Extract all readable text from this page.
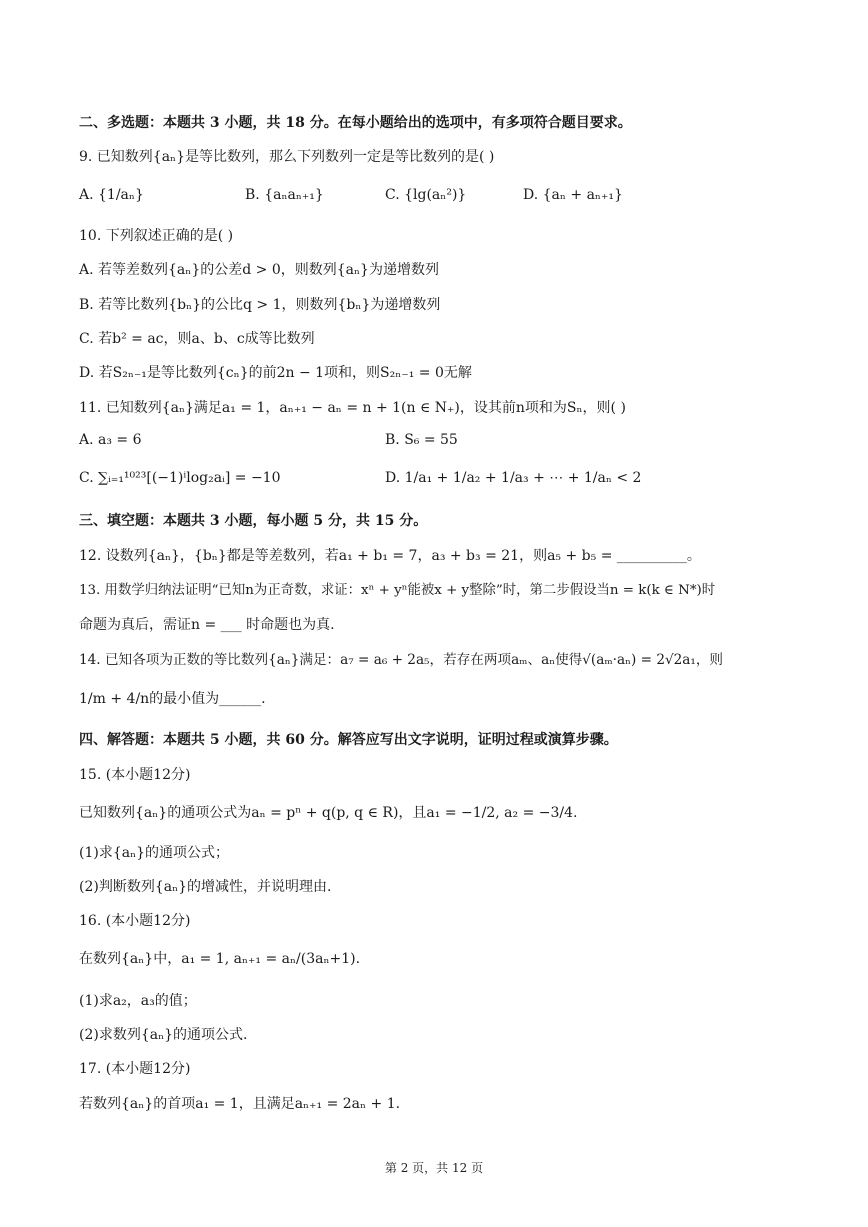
二、多选题：本题共 3 小题，共 18 分。在每小题给出的选项中，有多项符合题目要求。
9. 已知数列{aₙ}是等比数列，那么下列数列一定是等比数列的是( )
A. {1/aₙ}	B. {aₙaₙ₊₁}	C. {lg(aₙ²)}	D. {aₙ + aₙ₊₁}
10. 下列叙述正确的是( )
A. 若等差数列{aₙ}的公差d > 0，则数列{aₙ}为递增数列
B. 若等比数列{bₙ}的公比q > 1，则数列{bₙ}为递增数列
C. 若b² = ac，则a、b、c成等比数列
D. 若S₂ₙ₋₁是等比数列{cₙ}的前2n − 1项和，则S₂ₙ₋₁ = 0无解
11. 已知数列{aₙ}满足a₁ = 1，aₙ₊₁ − aₙ = n + 1(n ∈ N₊)，设其前n项和为Sₙ，则( )
A. a₃ = 6	B. S₆ = 55
C. ∑ᵢ₌₁¹⁰²³[(−1)ⁱlog₂aᵢ] = −10	D. 1/a₁ + 1/a₂ + 1/a₃ + ⋯ + 1/aₙ < 2
三、填空题：本题共 3 小题，每小题 5 分，共 15 分。
12. 设数列{aₙ}，{bₙ}都是等差数列，若a₁ + b₁ = 7，a₃ + b₃ = 21，则a₅ + b₅ = __________。
13. 用数学归纳法证明“已知n为正奇数，求证：xⁿ + yⁿ能被x + y整除”时，第二步假设当n = k(k ∈ N*)时
命题为真后，需证n = ___ 时命题也为真.
14. 已知各项为正数的等比数列{aₙ}满足：a₇ = a₆ + 2a₅，若存在两项aₘ、aₙ使得√(aₘ·aₙ) = 2√2a₁，则
1/m + 4/n的最小值为______.
四、解答题：本题共 5 小题，共 60 分。解答应写出文字说明，证明过程或演算步骤。
15. (本小题12分)
已知数列{aₙ}的通项公式为aₙ = pⁿ + q(p, q ∈ R)，且a₁ = −1/2, a₂ = −3/4.
(1)求{aₙ}的通项公式；
(2)判断数列{aₙ}的增减性，并说明理由.
16. (本小题12分)
在数列{aₙ}中，a₁ = 1, aₙ₊₁ = aₙ/(3aₙ+1).
(1)求a₂，a₃的值；
(2)求数列{aₙ}的通项公式.
17. (本小题12分)
若数列{aₙ}的首项a₁ = 1，且满足aₙ₊₁ = 2aₙ + 1.
第 2 页，共 12 页
